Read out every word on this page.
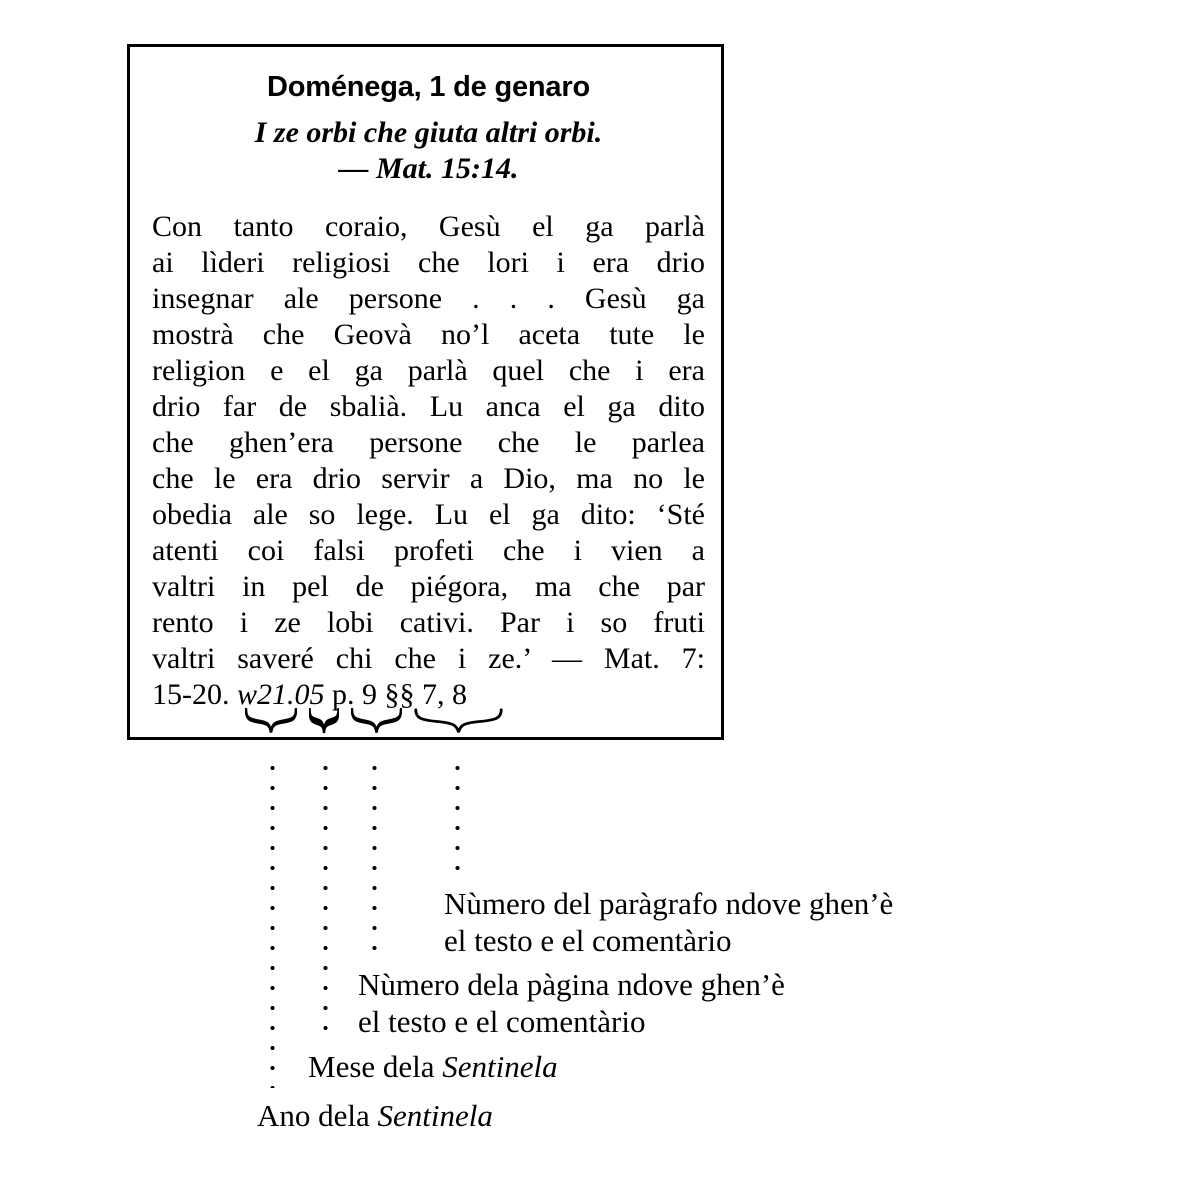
Doménega, 1 de genaro
I ze orbi che giuta altri orbi.
— Mat. 15:14.
Con tanto coraio, Gesù el ga parlà
ai lìderi religiosi che lori i era drio
insegnar ale persone . . . Gesù ga
mostrà che Geovà no’l aceta tute le
religion e el ga parlà quel che i era
drio far de sbalià. Lu anca el ga dito
che ghen’era persone che le parlea
che le era drio servir a Dio, ma no le
obedia ale so lege. Lu el ga dito: ‘Sté
atenti coi falsi profeti che i vien a
valtri in pel de piégora, ma che par
rento i ze lobi cativi. Par i so fruti
valtri saveré chi che i ze.’ — Mat. 7:
15-20. w21.05 p. 9 §§ 7, 8
Nùmero del paràgrafo ndove ghen’è
el testo e el comentàrio
Nùmero dela pàgina ndove ghen’è
el testo e el comentàrio
Mese dela Sentinela
Ano dela Sentinela
